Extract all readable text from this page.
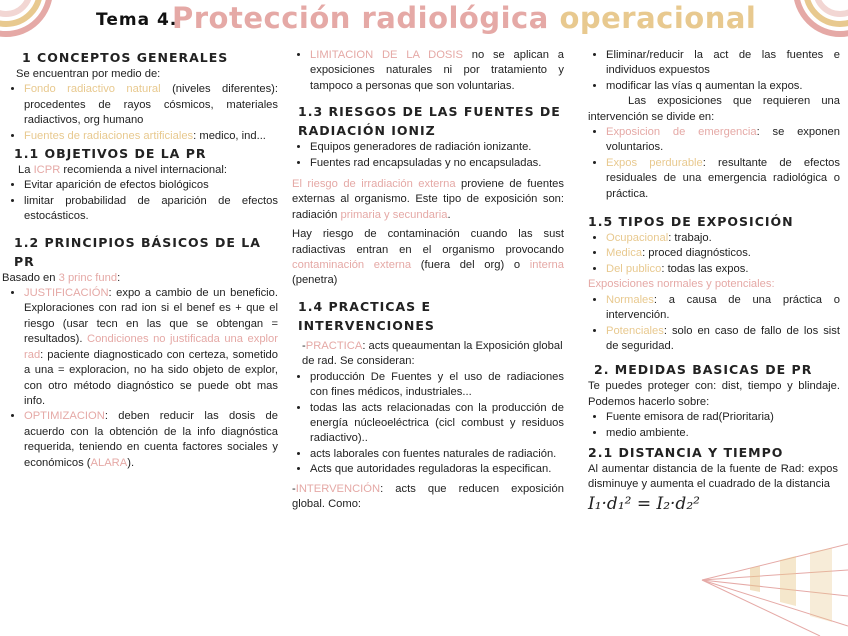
Tema 4.
Protección radiológica operacional
1 CONCEPTOS GENERALES

Se encuentran por medio de:

• Fondo radiactivo natural (niveles diferentes): procedentes de rayos cósmicos, materiales radiactivos, org humano
• Fuentes de radiaciones artificiales: medico, ind...
1.1 OBJETIVOS DE LA PR

La ICPR recomienda a nivel internacional:

• Evitar aparición de efectos biológicos
• limitar probabilidad de aparición de efectos estocásticos.
1.2 PRINCIPIOS BÁSICOS DE LA PR

Basado en 3 princ fund:

• JUSTIFICACIÓN: expo a cambio de un beneficio. Exploraciones con rad ion si el benef es + que el riesgo (usar tecn en las que se obtengan = resultados). Condiciones no justificada una explor rad: paciente diagnosticado con certeza, sometido a una = exploracion, no ha sido objeto de explor, con otro método diagnóstico se puede obt mas info.
• OPTIMIZACION: deben reducir las dosis de acuerdo con la obtención de la info diagnóstica requerida, teniendo en cuenta factores sociales y económicos (ALARA).
• LIMITACION DE LA DOSIS no se aplican a exposiciones naturales ni por tratamiento y tampoco a personas que son voluntarias.
1.3 RIESGOS DE LAS FUENTES DE RADIACIÓN IONIZ
• Equipos generadores de radiación ionizante.
• Fuentes rad encapsuladas y no encapsuladas.

El riesgo de irradiación externa proviene de fuentes externas al organismo. Este tipo de exposición son: radiación primaria y secundaria.

Hay riesgo de contaminación cuando las sust radiactivas entran en el organismo provocando contaminación externa (fuera del org) o interna (penetra)

1.4 PRACTICAS E INTERVENCIONES

-PRACTICA: acts queaumentan la Exposición global de rad. Se consideran:

• producción De Fuentes y el uso de radiaciones con fines médicos, industriales...
• todas las acts relacionadas con la producción de energía núcleoeléctrica (cicl combust y residuos radiactivo)..
• acts laborales con fuentes naturales de radiación.
• Acts que autoridades reguladoras la especifican.

-INTERVENCIÓN: acts que reducen exposición global. Como:

• Eliminar/reducir la act de las fuentes e individuos expuestos
• modificar las vías q aumentan la expos.

Las exposiciones que requieren una intervención se divide en:

• Exposicion de emergencia: se exponen voluntarios.
• Expos perdurable: resultante de efectos residuales de una emergencia radiológica o práctica.
1.5 TIPOS DE EXPOSICIÓN
• Ocupacional: trabajo.
• Medica: proced diagnósticos.
• Del publico: todas las expos.

Exposiciones normales y potenciales:

• Normales: a causa de una práctica o intervención.
• Potenciales: solo en caso de fallo de los sist de seguridad.
2. MEDIDAS BASICAS DE PR

Te puedes proteger con: dist, tiempo y blindaje. Podemos hacerlo sobre:

• Fuente emisora de rad(Prioritaria)
• medio ambiente.
2.1 DISTANCIA Y TIEMPO

Al aumentar distancia de la fuente de Rad: expos disminuye y aumenta el cuadrado de la distancia

I₁·d₁² = I₂·d₂²
